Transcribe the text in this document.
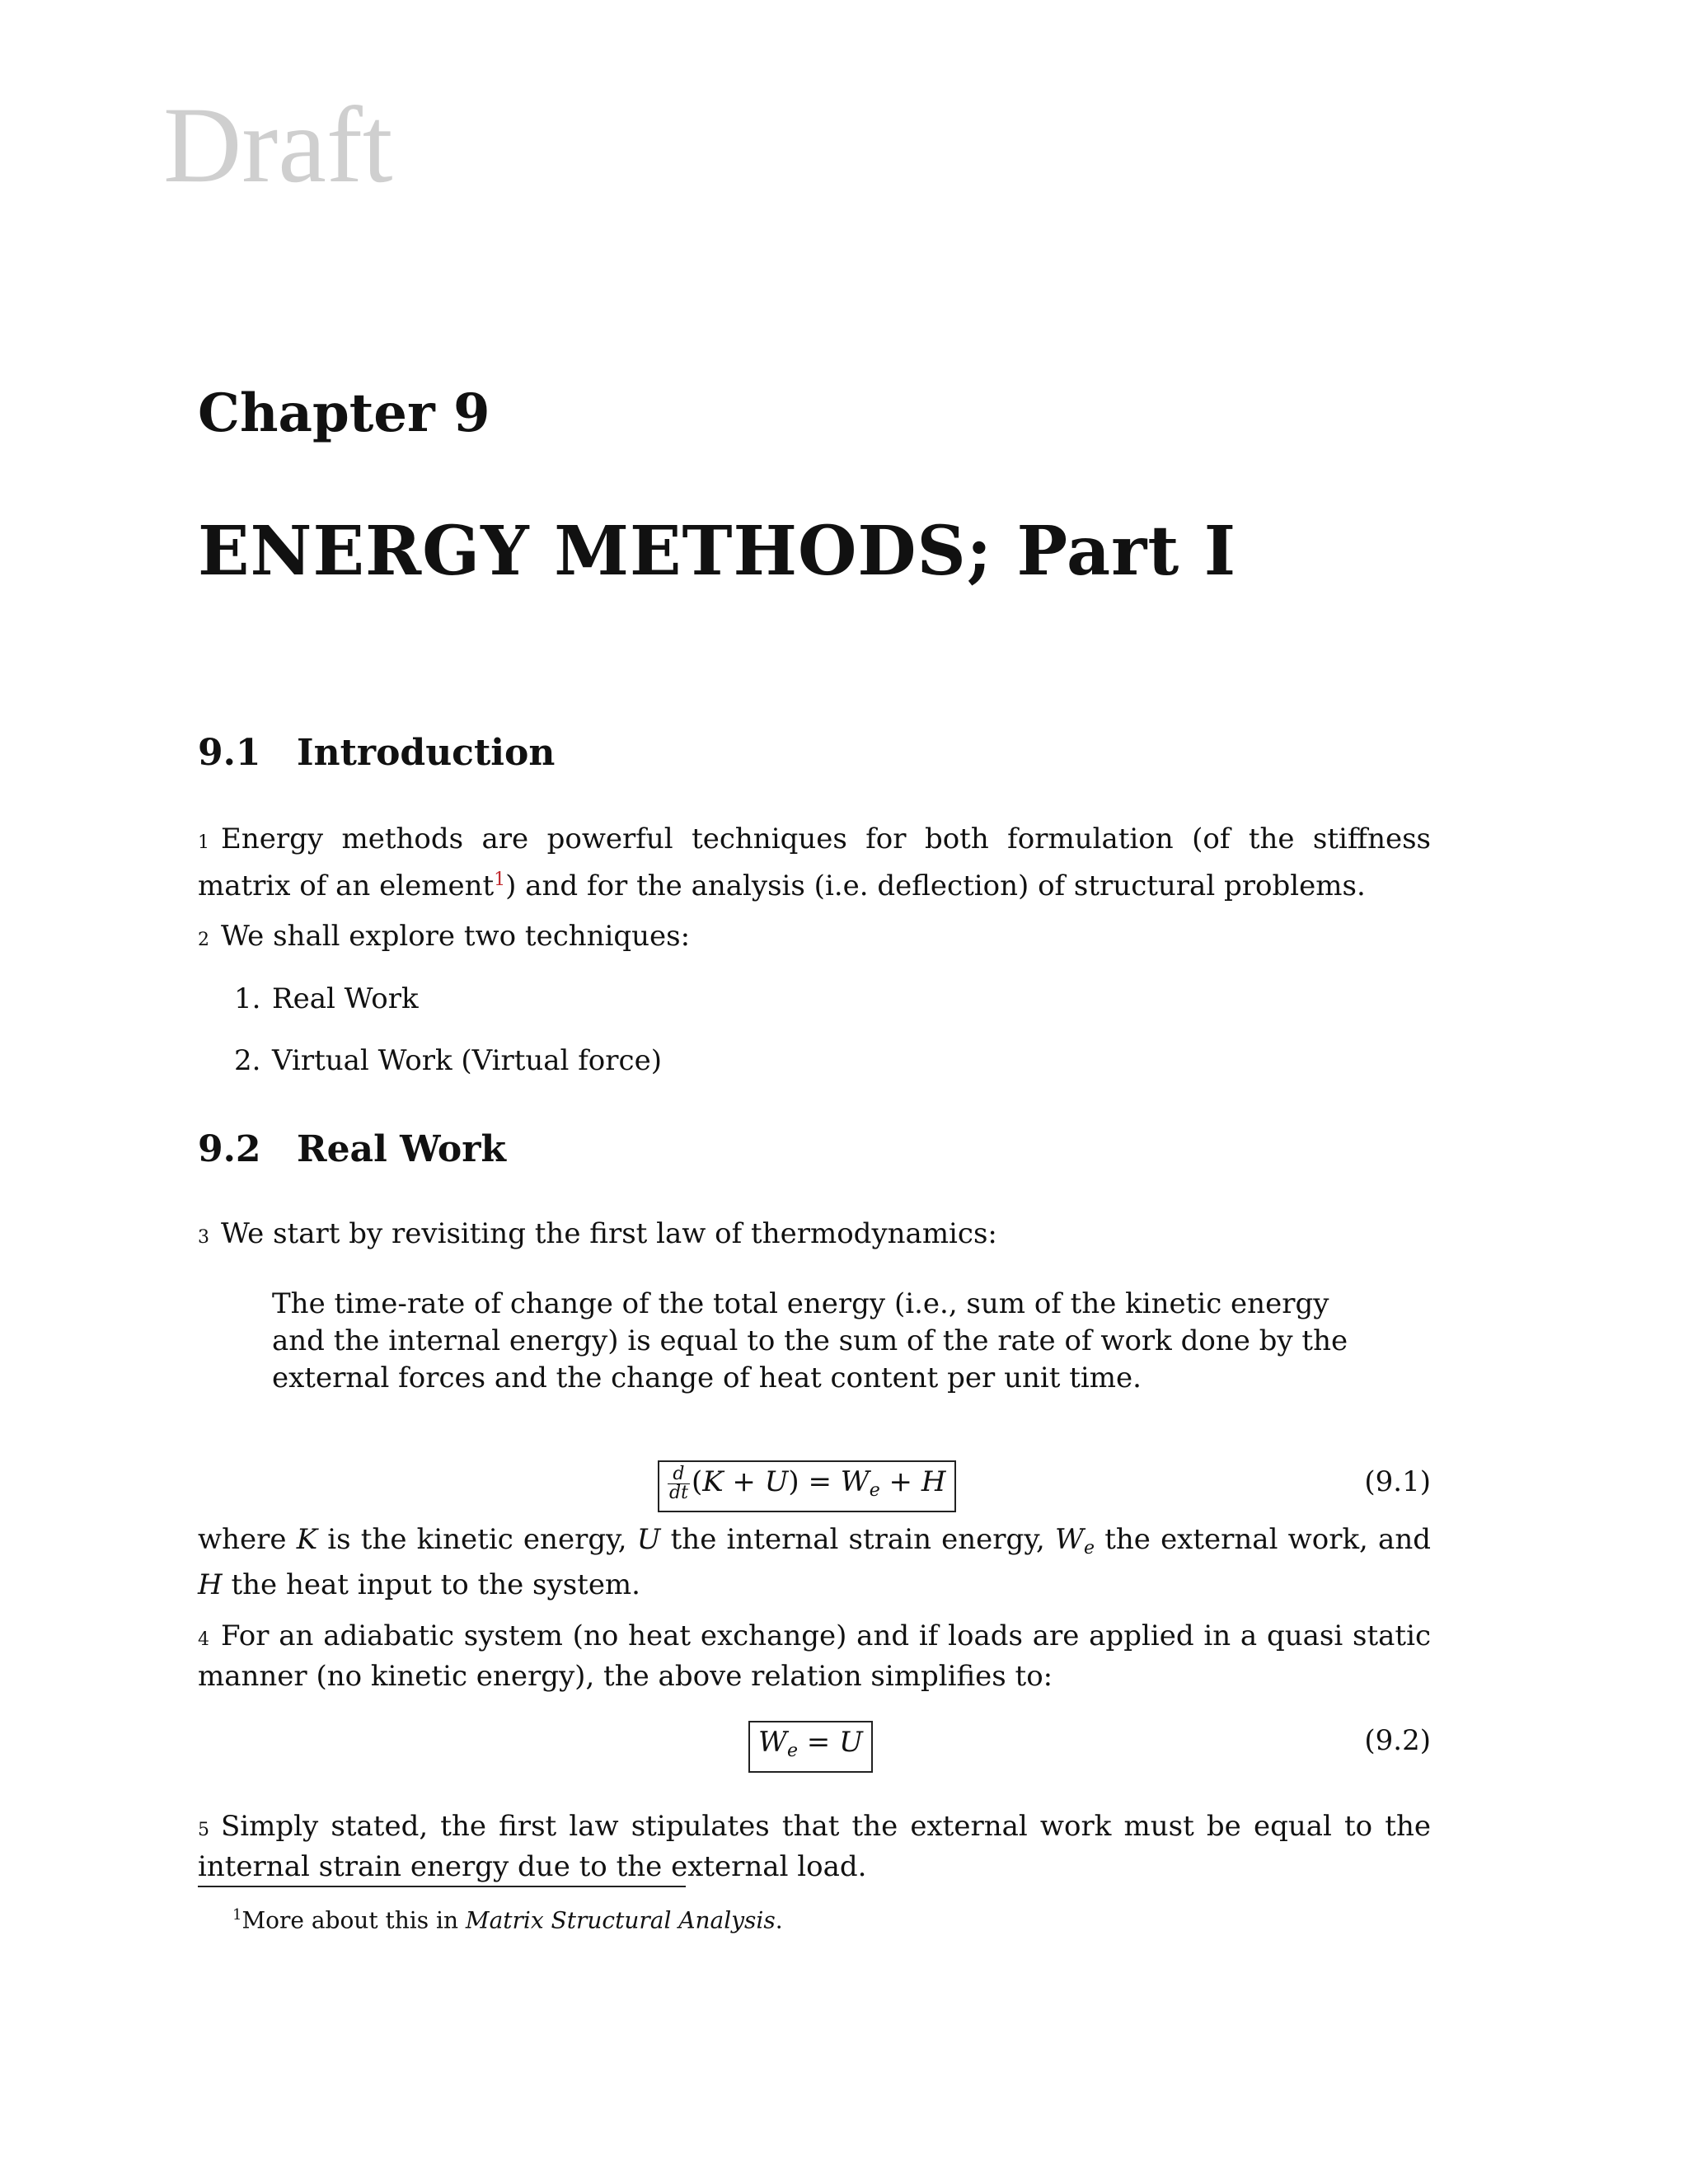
Draft
Chapter 9
ENERGY METHODS; Part I
9.1 Introduction
1 Energy methods are powerful techniques for both formulation (of the stiffness matrix of an element$^1$) and for the analysis (i.e. deflection) of structural problems.
2 We shall explore two techniques:
1. Real Work
2. Virtual Work (Virtual force)
9.2 Real Work
3 We start by revisiting the first law of thermodynamics:
The time-rate of change of the total energy (i.e., sum of the kinetic energy and the internal energy) is equal to the sum of the rate of work done by the external forces and the change of heat content per unit time.
$\frac{d}{dt} (K + U) = W_e + H$	(9.1)
where K is the kinetic energy, U the internal strain energy, $W_e$ the external work, and H the heat input to the system.
4 For an adiabatic system (no heat exchange) and if loads are applied in a quasi static manner (no kinetic energy), the above relation simplifies to:
$W_e = U$	(9.2)
5 Simply stated, the first law stipulates that the external work must be equal to the internal strain energy due to the external load.
$^1$More about this in Matrix Structural Analysis.
